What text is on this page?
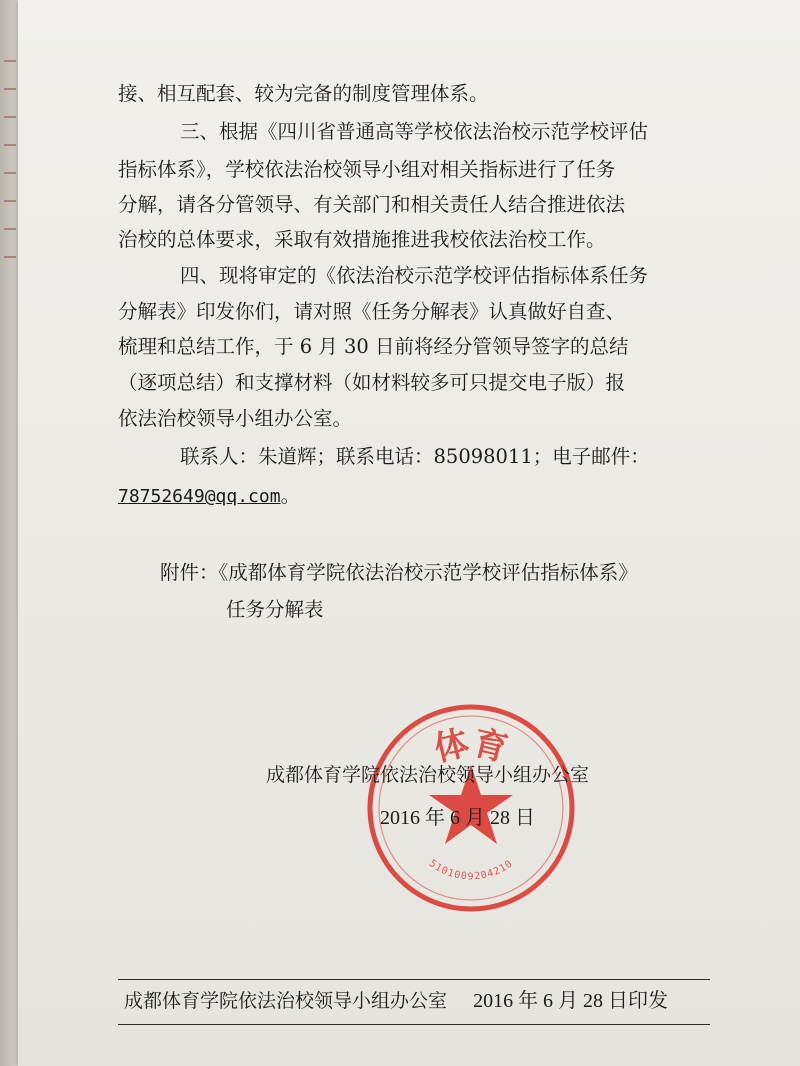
接、相互配套、较为完备的制度管理体系。
三、根据《四川省普通高等学校依法治校示范学校评估
指标体系》，学校依法治校领导小组对相关指标进行了任务
分解，请各分管领导、有关部门和相关责任人结合推进依法
治校的总体要求，采取有效措施推进我校依法治校工作。
四、现将审定的《依法治校示范学校评估指标体系任务
分解表》印发你们，请对照《任务分解表》认真做好自查、
梳理和总结工作，于 6 月 30 日前将经分管领导签字的总结
（逐项总结）和支撑材料（如材料较多可只提交电子版）报
依法治校领导小组办公室。
联系人：朱道辉；联系电话：85098011；电子邮件：
78752649@qq.com。
附件：《成都体育学院依法治校示范学校评估指标体系》
任务分解表
体育
5101009204210
成都体育学院依法治校领导小组办公室
2016 年 6 月 28 日
成都体育学院依法治校领导小组办公室 2016 年 6 月 28 日印发
